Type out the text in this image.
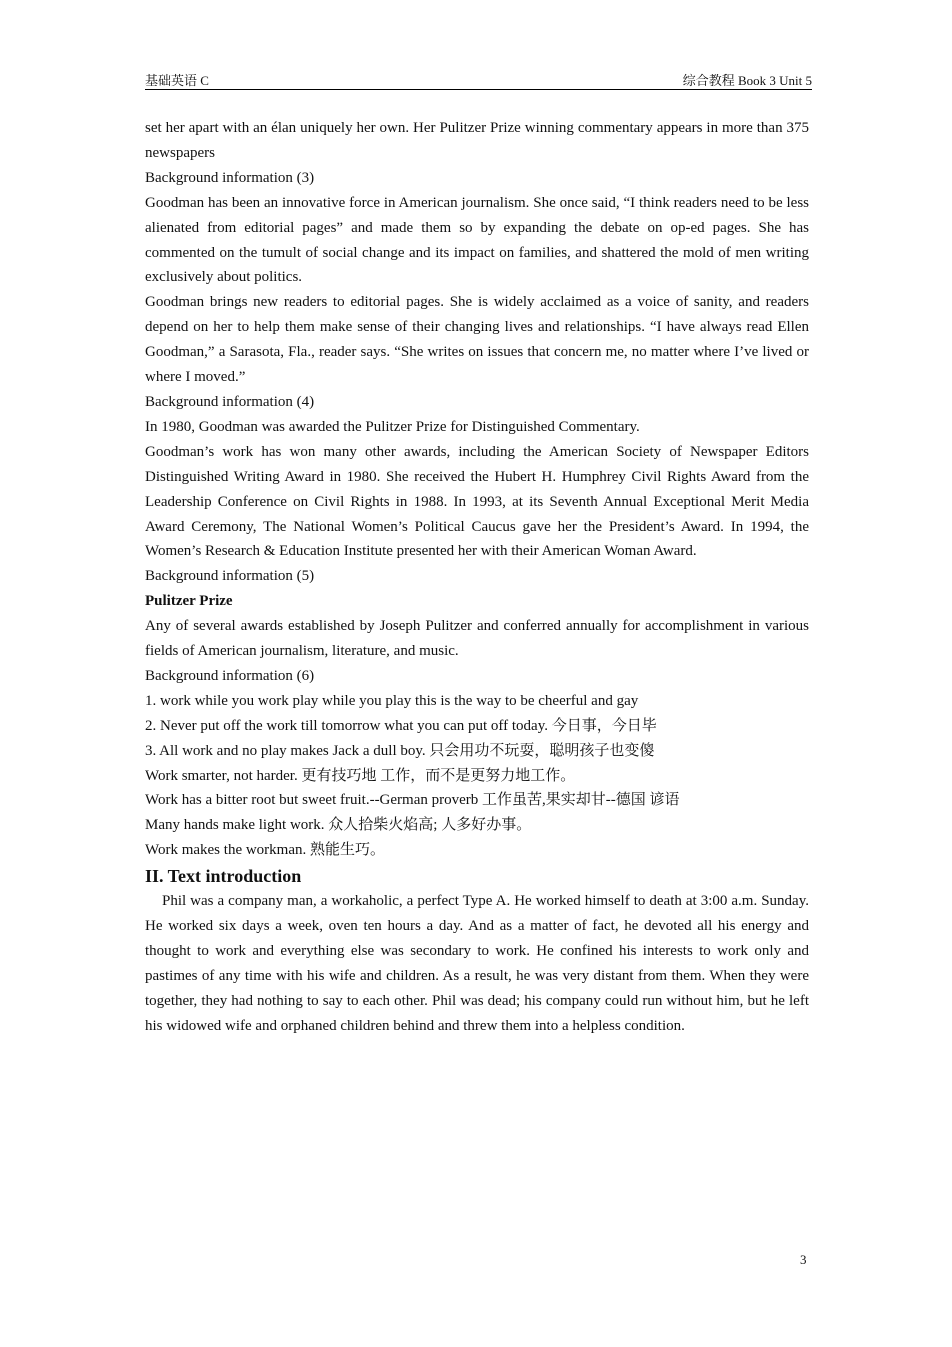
基础英语 C	综合教程 Book 3 Unit 5

set her apart with an élan uniquely her own. Her Pulitzer Prize winning commentary appears in more than 375 newspapers

Background information (3)

Goodman has been an innovative force in American journalism. She once said, “I think readers need to be less alienated from editorial pages” and made them so by expanding the debate on op-ed pages. She has commented on the tumult of social change and its impact on families, and shattered the mold of men writing exclusively about politics.

Goodman brings new readers to editorial pages. She is widely acclaimed as a voice of sanity, and readers depend on her to help them make sense of their changing lives and relationships. “I have always read Ellen Goodman,” a Sarasota, Fla., reader says. “She writes on issues that concern me, no matter where I’ve lived or where I moved.”

Background information (4)

In 1980, Goodman was awarded the Pulitzer Prize for Distinguished Commentary.

Goodman’s work has won many other awards, including the American Society of Newspaper Editors Distinguished Writing Award in 1980. She received the Hubert H. Humphrey Civil Rights Award from the Leadership Conference on Civil Rights in 1988. In 1993, at its Seventh Annual Exceptional Merit Media Award Ceremony, The National Women’s Political Caucus gave her the President’s Award. In 1994, the Women’s Research & Education Institute presented her with their American Woman Award.

Background information (5)

Pulitzer Prize

Any of several awards established by Joseph Pulitzer and conferred annually for accomplishment in various fields of American journalism, literature, and music.

Background information (6)

1. work while you work play while you play this is the way to be cheerful and gay

2. Never put off the work till tomorrow what you can put off today. 今日事，今日毕

3. All work and no play makes Jack a dull boy. 只会用功不玩耍，聪明孩子也变傻

Work smarter, not harder. 更有技巧地 工作，而不是更努力地工作。

Work has a bitter root but sweet fruit.--German proverb 工作虽苦,果实却甘--德国 谚语

Many hands make light work. 众人拾柴火焰高; 人多好办事。

Work makes the workman. 熟能生巧。

II. Text introduction

Phil was a company man, a workaholic, a perfect Type A. He worked himself to death at 3:00 a.m. Sunday. He worked six days a week, oven ten hours a day. And as a matter of fact, he devoted all his energy and thought to work and everything else was secondary to work. He confined his interests to work only and pastimes of any time with his wife and children. As a result, he was very distant from them. When they were together, they had nothing to say to each other. Phil was dead; his company could run without him, but he left his widowed wife and orphaned children behind and threw them into a helpless condition.

3
